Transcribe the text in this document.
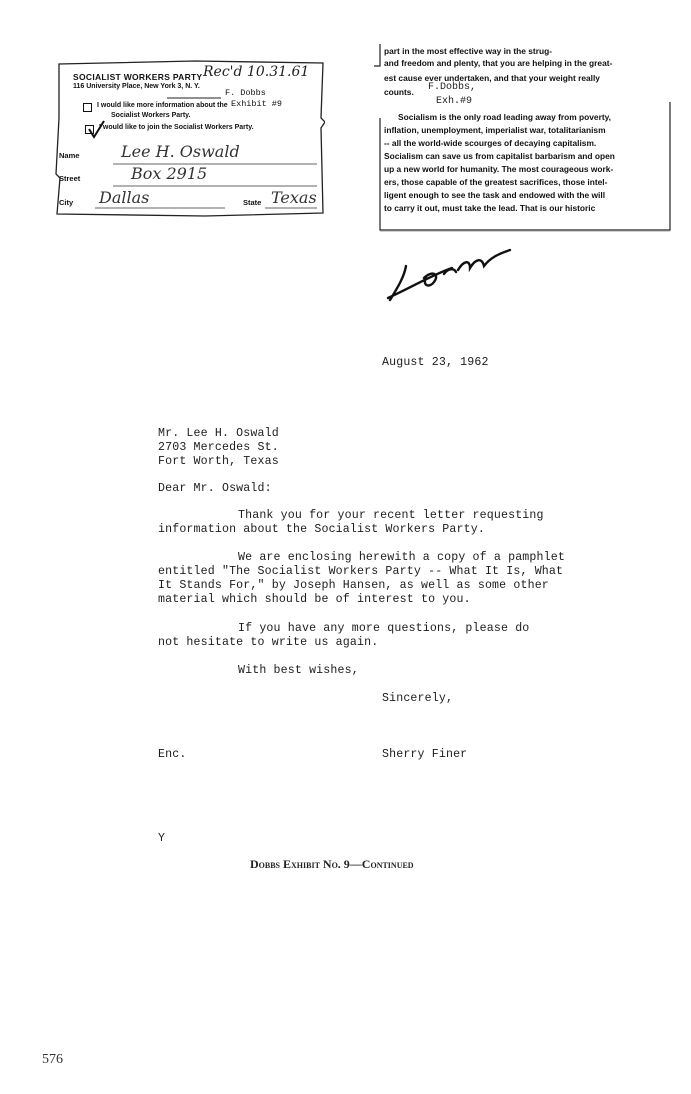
SOCIALIST WORKERS PARTY
116 University Place, New York 3, N. Y.
Rec'd 10.31.61
F. Dobbs
Exhibit #9
I would like more information about the
Socialist Workers Party.
I would like to join the Socialist Workers Party.
Name	Lee H. Oswald
Street	Box 2915
City Dallas	State Texas
part in the most effective way in the strug-
and freedom and plenty, that you are helping in the great-
est cause ever undertaken, and that your weight really
counts. F.Dobbs,
Exh.#9
Socialism is the only road leading away from poverty,
inflation, unemployment, imperialist war, totalitarianism
-- all the world-wide scourges of decaying capitalism.
Socialism can save us from capitalist barbarism and open
up a new world for humanity. The most courageous work-
ers, those capable of the greatest sacrifices, those intel-
ligent enough to see the task and endowed with the will
to carry it out, must take the lead. That is our historic
August 23, 1962
Mr. Lee H. Oswald
2703 Mercedes St.
Fort Worth, Texas
Dear Mr. Oswald:
Thank you for your recent letter requesting
information about the Socialist Workers Party.
We are enclosing herewith a copy of a pamphlet
entitled "The Socialist Workers Party -- What It Is, What
It Stands For," by Joseph Hansen, as well as some other
material which should be of interest to you.
If you have any more questions, please do
not hesitate to write us again.
With best wishes,
Sincerely,
Enc.	Sherry Finer
Y
Dobbs Exhibit No. 9—Continued
576
